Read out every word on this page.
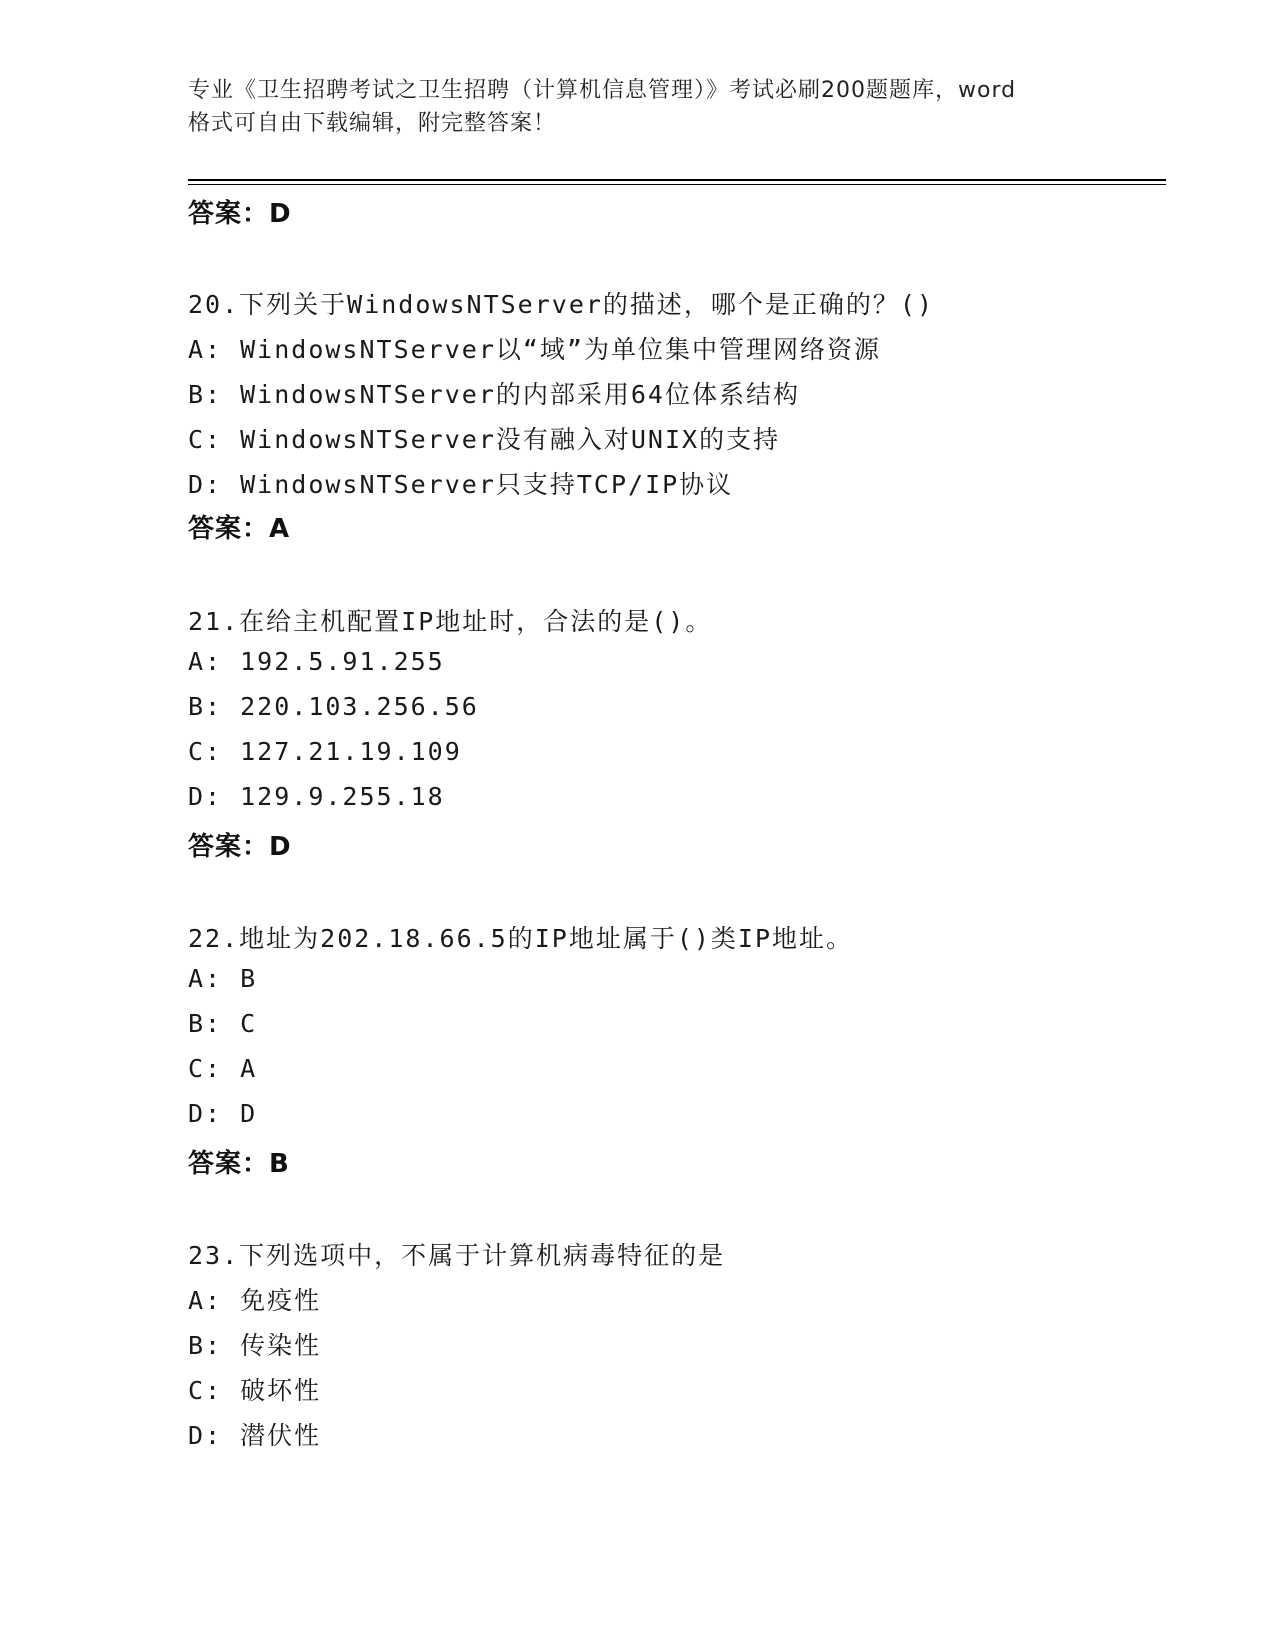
专业《卫生招聘考试之卫生招聘（计算机信息管理）》考试必刷200题题库，word
格式可自由下载编辑，附完整答案！
答案：D
20.下列关于WindowsNTServer的描述，哪个是正确的？()
A: WindowsNTServer以“域”为单位集中管理网络资源
B: WindowsNTServer的内部采用64位体系结构
C: WindowsNTServer没有融入对UNIX的支持
D: WindowsNTServer只支持TCP/IP协议
答案：A
21.在给主机配置IP地址时，合法的是()。
A: 192.5.91.255
B: 220.103.256.56
C: 127.21.19.109
D: 129.9.255.18
答案：D
22.地址为202.18.66.5的IP地址属于()类IP地址。
A: B
B: C
C: A
D: D
答案：B
23.下列选项中，不属于计算机病毒特征的是
A: 免疫性
B: 传染性
C: 破坏性
D: 潜伏性
